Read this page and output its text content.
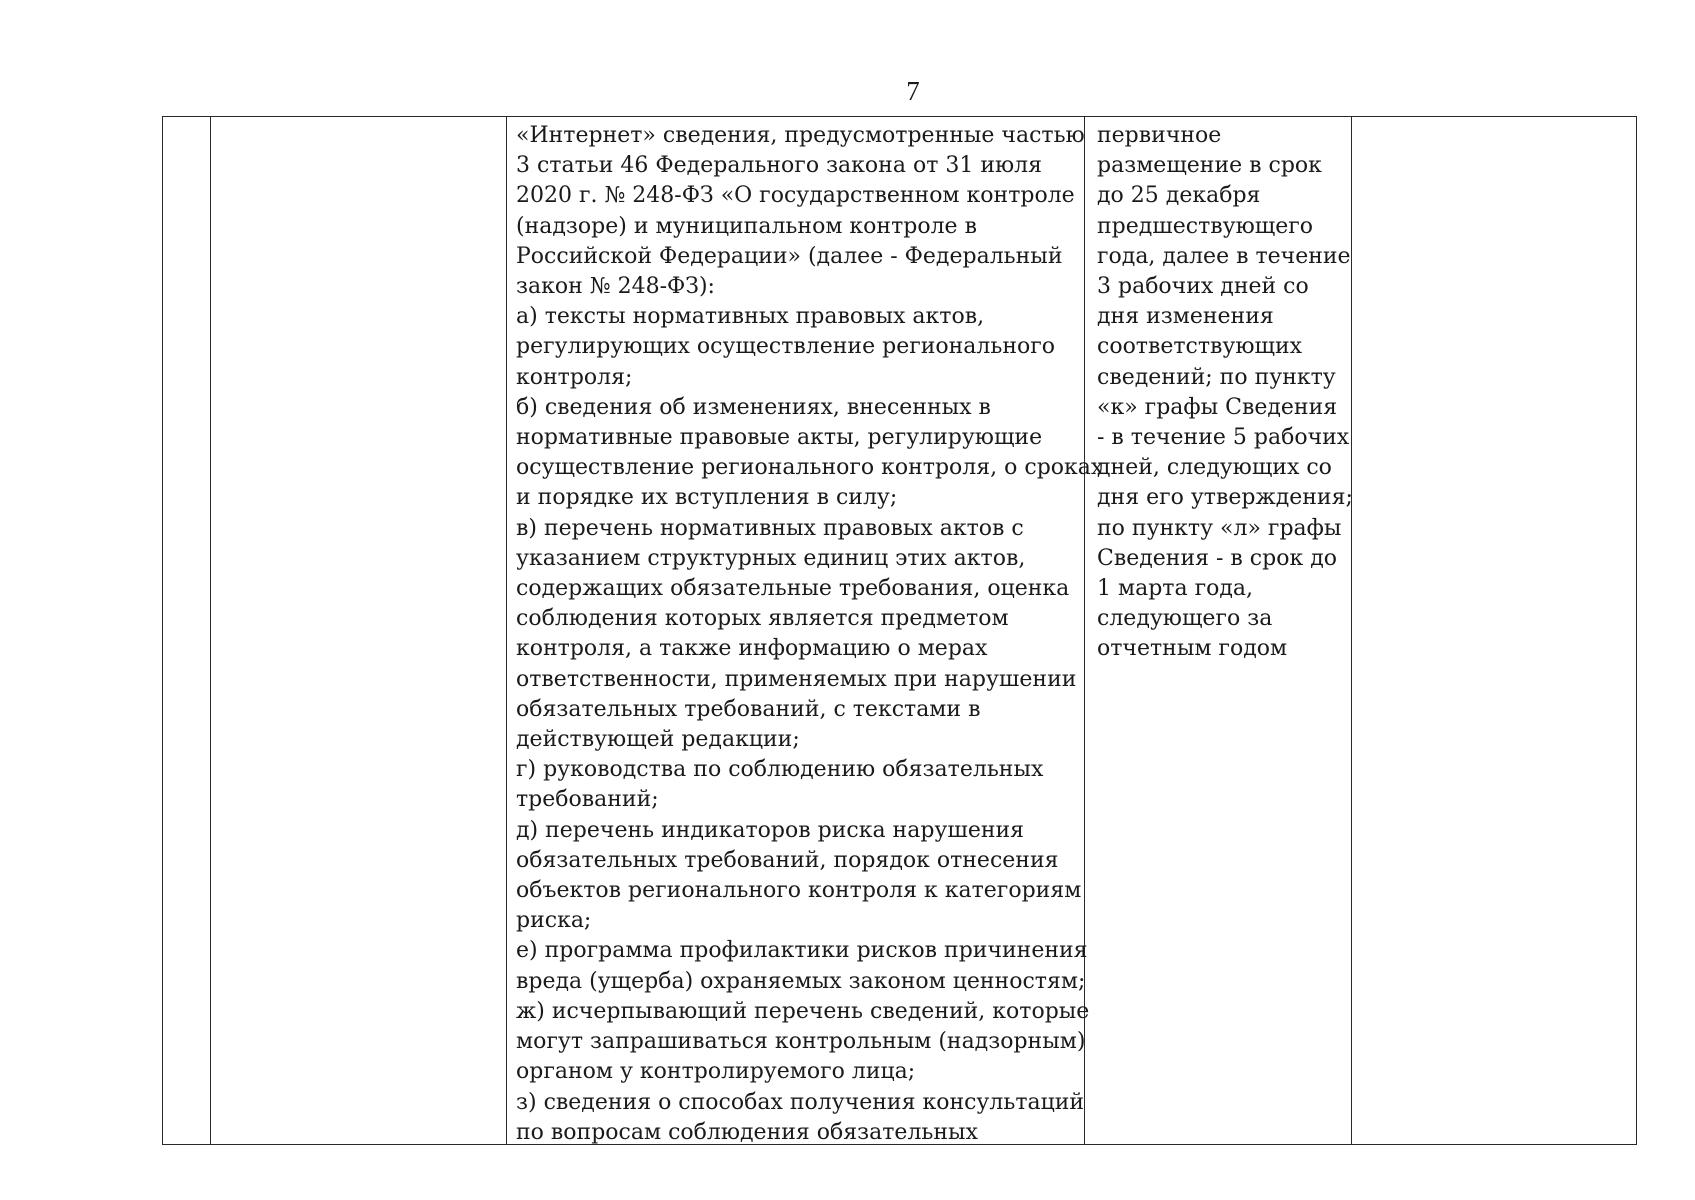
7
«Интернет» сведения, предусмотренные частью
3 статьи 46 Федерального закона от 31 июля
2020 г. № 248-ФЗ «О государственном контроле
(надзоре) и муниципальном контроле в
Российской Федерации» (далее - Федеральный
закон № 248-ФЗ):
а) тексты нормативных правовых актов,
регулирующих осуществление регионального
контроля;
б) сведения об изменениях, внесенных в
нормативные правовые акты, регулирующие
осуществление регионального контроля, о сроках
и порядке их вступления в силу;
в) перечень нормативных правовых актов с
указанием структурных единиц этих актов,
содержащих обязательные требования, оценка
соблюдения которых является предметом
контроля, а также информацию о мерах
ответственности, применяемых при нарушении
обязательных требований, с текстами в
действующей редакции;
г) руководства по соблюдению обязательных
требований;
д) перечень индикаторов риска нарушения
обязательных требований, порядок отнесения
объектов регионального контроля к категориям
риска;
е) программа профилактики рисков причинения
вреда (ущерба) охраняемых законом ценностям;
ж) исчерпывающий перечень сведений, которые
могут запрашиваться контрольным (надзорным)
органом у контролируемого лица;
з) сведения о способах получения консультаций
по вопросам соблюдения обязательных
первичное
размещение в срок
до 25 декабря
предшествующего
года, далее в течение
3 рабочих дней со
дня изменения
соответствующих
сведений; по пункту
«к» графы Сведения
- в течение 5 рабочих
дней, следующих со
дня его утверждения;
по пункту «л» графы
Сведения - в срок до
1 марта года,
следующего за
отчетным годом
